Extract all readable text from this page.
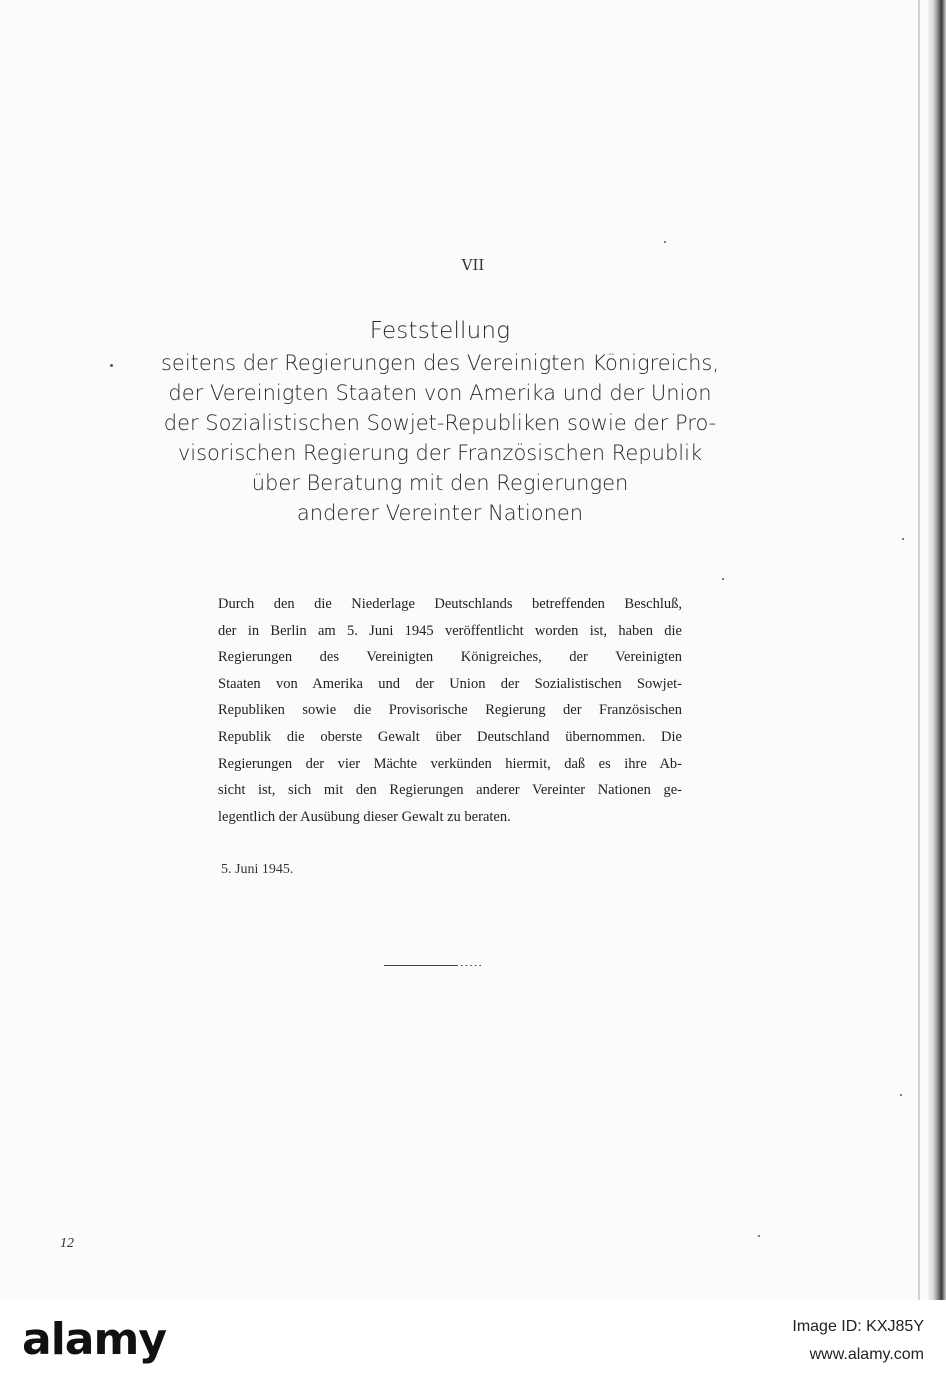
VII
Feststellung
seitens der Regierungen des Vereinigten Königreichs,
der Vereinigten Staaten von Amerika und der Union
der Sozialistischen Sowjet-Republiken sowie der Pro-
visorischen Regierung der Französischen Republik
über Beratung mit den Regierungen
anderer Vereinter Nationen
Durch den die Niederlage Deutschlands betreffenden Beschluß,
der in Berlin am 5. Juni 1945 veröffentlicht worden ist, haben die
Regierungen des Vereinigten Königreiches, der Vereinigten
Staaten von Amerika und der Union der Sozialistischen Sowjet-
Republiken sowie die Provisorische Regierung der Französischen
Republik die oberste Gewalt über Deutschland übernommen. Die
Regierungen der vier Mächte verkünden hiermit, daß es ihre Ab-
sicht ist, sich mit den Regierungen anderer Vereinter Nationen ge-
legentlich der Ausübung dieser Gewalt zu beraten.
5. Juni 1945.
12
alamy	Image ID: KXJ85Y
www.alamy.com
